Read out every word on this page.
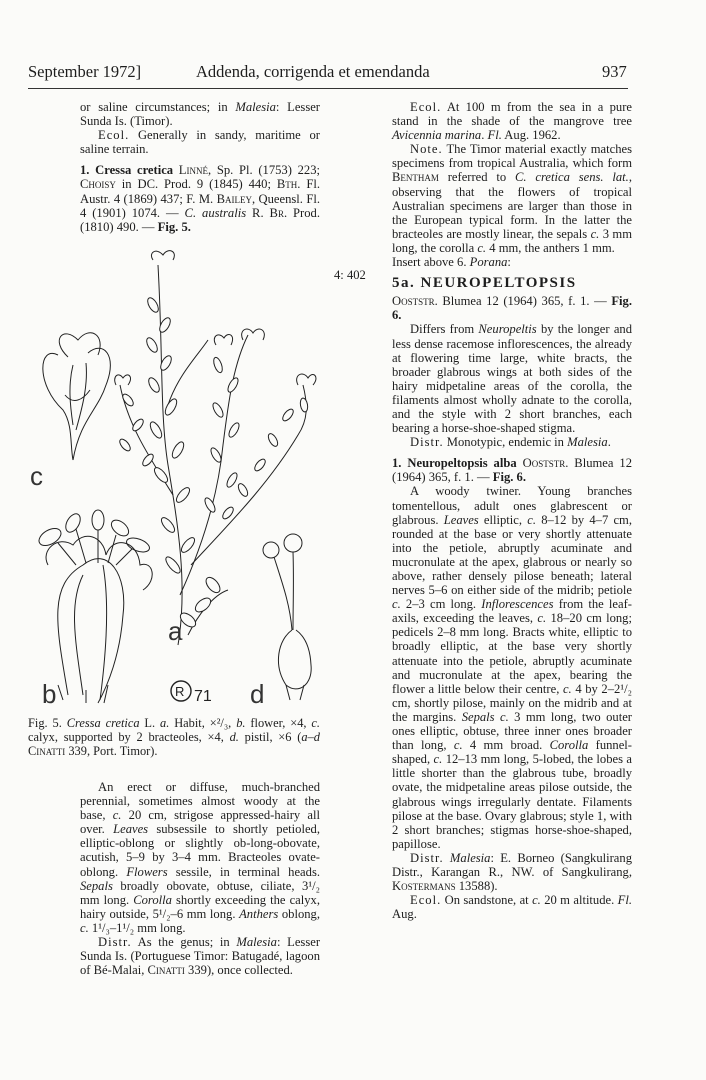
September 1972]	Addenda, corrigenda et emendanda	937

or saline circumstances; in Malesia: Lesser Sunda Is. (Timor).

Ecol. Generally in sandy, maritime or saline terrain.

1. Cressa cretica Linné, Sp. Pl. (1753) 223; Choisy in DC. Prod. 9 (1845) 440; Bth. Fl. Austr. 4 (1869) 437; F. M. Bailey, Queensl. Fl. 4 (1901) 1074. — C. australis R. Br. Prod. (1810) 490. — Fig. 5.

c
b
a
d
R 71
Fig. 5. Cressa cretica L. a. Habit, ×²/₃, b. flower, ×4, c. calyx, supported by 2 bracteoles, ×4, d. pistil, ×6 (a–d Cinatti 339, Port. Timor).

An erect or diffuse, much-branched perennial, sometimes almost woody at the base, c. 20 cm, strigose appressed-hairy all over. Leaves subsessile to shortly petioled, elliptic-oblong or slightly ob-long-obovate, acutish, 5–9 by 3–4 mm. Bracteoles ovate-oblong. Flowers sessile, in terminal heads. Sepals broadly obovate, obtuse, ciliate, 3¹/₂ mm long. Corolla shortly exceeding the calyx, hairy outside, 5¹/₂–6 mm long. Anthers oblong, c. 1¹/₃–1¹/₂ mm long.

Distr. As the genus; in Malesia: Lesser Sunda Is. (Portuguese Timor: Batugadé, lagoon of Bé-Malai, Cinatti 339), once collected.

4: 402

Ecol. At 100 m from the sea in a pure stand in the shade of the mangrove tree Avicennia marina. Fl. Aug. 1962.

Note. The Timor material exactly matches specimens from tropical Australia, which form Bentham referred to C. cretica sens. lat., observing that the flowers of tropical Australian specimens are larger than those in the European typical form. In the latter the bracteoles are mostly linear, the sepals c. 3 mm long, the corolla c. 4 mm, the anthers 1 mm.

Insert above 6. Porana:

5a. NEUROPELTOPSIS

Ooststr. Blumea 12 (1964) 365, f. 1. — Fig. 6.

Differs from Neuropeltis by the longer and less dense racemose inflorescences, the already at flowering time large, white bracts, the broader glabrous wings at both sides of the hairy midpetaline areas of the corolla, the filaments almost wholly adnate to the corolla, and the style with 2 short branches, each bearing a horse-shoe-shaped stigma.

Distr. Monotypic, endemic in Malesia.

1. Neuropeltopsis alba Ooststr. Blumea 12 (1964) 365, f. 1. — Fig. 6.

A woody twiner. Young branches tomentellous, adult ones glabrescent or glabrous. Leaves elliptic, c. 8–12 by 4–7 cm, rounded at the base or very shortly attenuate into the petiole, abruptly acuminate and mucronulate at the apex, glabrous or nearly so above, rather densely pilose beneath; lateral nerves 5–6 on either side of the midrib; petiole c. 2–3 cm long. Inflorescences from the leaf-axils, exceeding the leaves, c. 18–20 cm long; pedicels 2–8 mm long. Bracts white, elliptic to broadly elliptic, at the base very shortly attenuate into the petiole, abruptly acuminate and mucronulate at the apex, bearing the flower a little below their centre, c. 4 by 2–2¹/₂ cm, shortly pilose, mainly on the midrib and at the margins. Sepals c. 3 mm long, two outer ones elliptic, obtuse, three inner ones broader than long, c. 4 mm broad. Corolla funnel-shaped, c. 12–13 mm long, 5-lobed, the lobes a little shorter than the glabrous tube, broadly ovate, the midpetaline areas pilose outside, the glabrous wings irregularly dentate. Filaments pilose at the base. Ovary glabrous; style 1, with 2 short branches; stigmas horse-shoe-shaped, papillose.

Distr. Malesia: E. Borneo (Sangkulirang Distr., Karangan R., NW. of Sangkulirang, Kostermans 13588).

Ecol. On sandstone, at c. 20 m altitude. Fl. Aug.
